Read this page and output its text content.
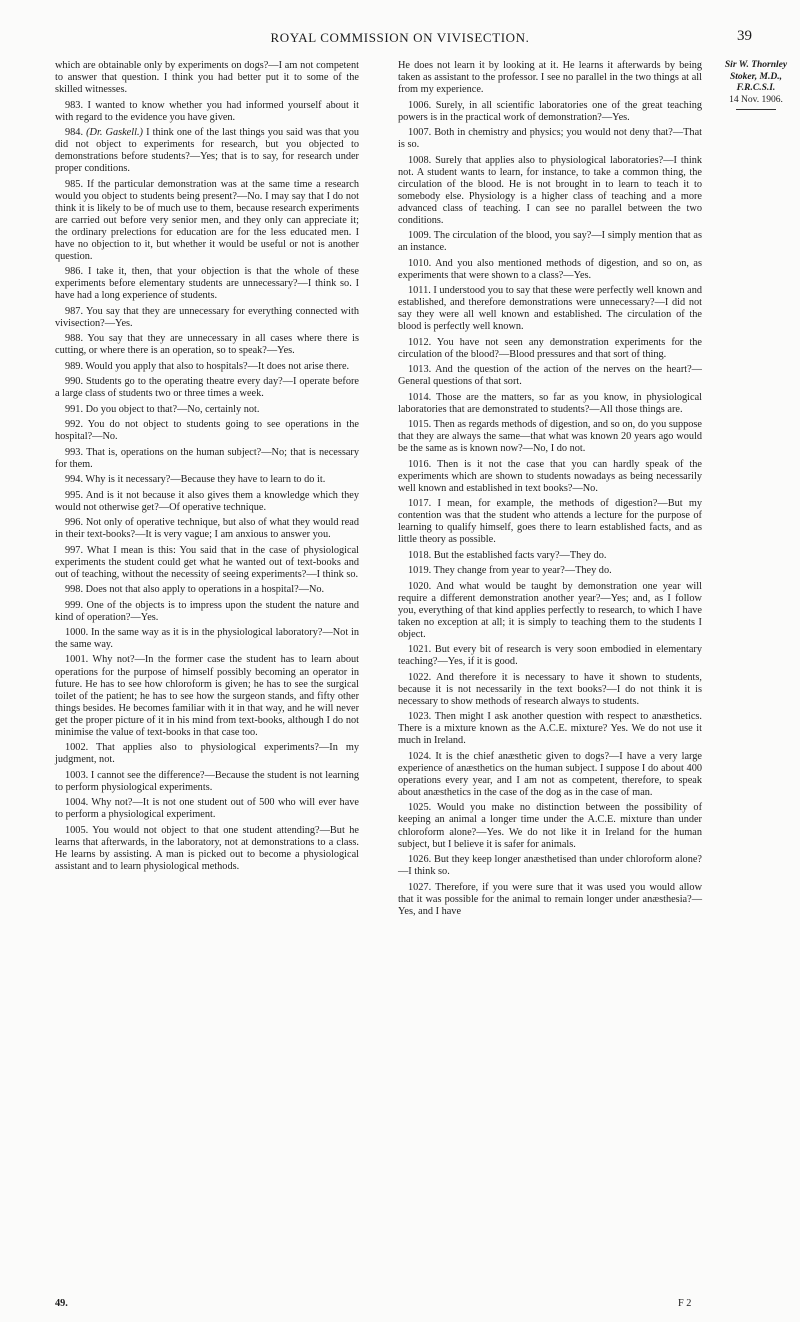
ROYAL COMMISSION ON VIVISECTION.	39

which are obtainable only by experiments on dogs?—I am not competent to answer that question. I think you had better put it to some of the skilled witnesses.

983. I wanted to know whether you had informed yourself about it with regard to the evidence you have given.

984. (Dr. Gaskell.) I think one of the last things you said was that you did not object to experiments for research, but you objected to demonstrations before students?—Yes; that is to say, for research under proper conditions.

985. If the particular demonstration was at the same time a research would you object to students being present?—No. I may say that I do not think it is likely to be of much use to them, because research experiments are carried out before very senior men, and they only can appreciate it; the ordinary prelections for education are for the less educated men. I have no objection to it, but whether it would be useful or not is another question.

986. I take it, then, that your objection is that the whole of these experiments before elementary students are unnecessary?—I think so. I have had a long experience of students.

987. You say that they are unnecessary for everything connected with vivisection?—Yes.

988. You say that they are unnecessary in all cases where there is cutting, or where there is an operation, so to speak?—Yes.

989. Would you apply that also to hospitals?—It does not arise there.

990. Students go to the operating theatre every day?—I operate before a large class of students two or three times a week.

991. Do you object to that?—No, certainly not.

992. You do not object to students going to see operations in the hospital?—No.

993. That is, operations on the human subject?—No; that is necessary for them.

994. Why is it necessary?—Because they have to learn to do it.

995. And is it not because it also gives them a knowledge which they would not otherwise get?—Of operative technique.

996. Not only of operative technique, but also of what they would read in their text-books?—It is very vague; I am anxious to answer you.

997. What I mean is this: You said that in the case of physiological experiments the student could get what he wanted out of text-books and out of teaching, without the necessity of seeing experiments?—I think so.

998. Does not that also apply to operations in a hospital?—No.

999. One of the objects is to impress upon the student the nature and kind of operation?—Yes.

1000. In the same way as it is in the physiological laboratory?—Not in the same way.

1001. Why not?—In the former case the student has to learn about operations for the purpose of himself possibly becoming an operator in future. He has to see how chloroform is given; he has to see the surgical toilet of the patient; he has to see how the surgeon stands, and fifty other things besides. He becomes familiar with it in that way, and he will never get the proper picture of it in his mind from text-books, although I do not minimise the value of text-books in that case too.

1002. That applies also to physiological experiments?—In my judgment, not.

1003. I cannot see the difference?—Because the student is not learning to perform physiological experiments.

1004. Why not?—It is not one student out of 500 who will ever have to perform a physiological experiment.

1005. You would not object to that one student attending?—But he learns that afterwards, in the laboratory, not at demonstrations to a class. He learns by assisting. A man is picked out to become a physiological assistant and to learn physiological methods.

He does not learn it by looking at it. He learns it afterwards by being taken as assistant to the professor. I see no parallel in the two things at all from my experience.

1006. Surely, in all scientific laboratories one of the great teaching powers is in the practical work of demonstration?—Yes.

1007. Both in chemistry and physics; you would not deny that?—That is so.

1008. Surely that applies also to physiological laboratories?—I think not. A student wants to learn, for instance, to take a common thing, the circulation of the blood. He is not brought in to learn to teach it to somebody else. Physiology is a higher class of teaching and a more advanced class of teaching. I can see no parallel between the two conditions.

1009. The circulation of the blood, you say?—I simply mention that as an instance.

1010. And you also mentioned methods of digestion, and so on, as experiments that were shown to a class?—Yes.

1011. I understood you to say that these were perfectly well known and established, and therefore demonstrations were unnecessary?—I did not say they were all well known and established. The circulation of the blood is perfectly well known.

1012. You have not seen any demonstration experiments for the circulation of the blood?—Blood pressures and that sort of thing.

1013. And the question of the action of the nerves on the heart?—General questions of that sort.

1014. Those are the matters, so far as you know, in physiological laboratories that are demonstrated to students?—All those things are.

1015. Then as regards methods of digestion, and so on, do you suppose that they are always the same—that what was known 20 years ago would be the same as is known now?—No, I do not.

1016. Then is it not the case that you can hardly speak of the experiments which are shown to students nowadays as being necessarily well known and established in text books?—No.

1017. I mean, for example, the methods of digestion?—But my contention was that the student who attends a lecture for the purpose of learning to qualify himself, goes there to learn established facts, and as little theory as possible.

1018. But the established facts vary?—They do.

1019. They change from year to year?—They do.

1020. And what would be taught by demonstration one year will require a different demonstration another year?—Yes; and, as I follow you, everything of that kind applies perfectly to research, to which I have taken no exception at all; it is simply to teaching them to the students I object.

1021. But every bit of research is very soon embodied in elementary teaching?—Yes, if it is good.

1022. And therefore it is necessary to have it shown to students, because it is not necessarily in the text books?—I do not think it is necessary to show methods of research always to students.

1023. Then might I ask another question with respect to anæsthetics. There is a mixture known as the A.C.E. mixture? Yes. We do not use it much in Ireland.

1024. It is the chief anæsthetic given to dogs?—I have a very large experience of anæsthetics on the human subject. I suppose I do about 400 operations every year, and I am not as competent, therefore, to speak about anæsthetics in the case of the dog as in the case of man.

1025. Would you make no distinction between the possibility of keeping an animal a longer time under the A.C.E. mixture than under chloroform alone?—Yes. We do not like it in Ireland for the human subject, but I believe it is safer for animals.

1026. But they keep longer anæsthetised than under chloroform alone?—I think so.

1027. Therefore, if you were sure that it was used you would allow that it was possible for the animal to remain longer under anæsthesia?—Yes, and I have

Sir W. Thornley Stoker, M.D., F.R.C.S.I.
14 Nov. 1906.
49.	F 2
